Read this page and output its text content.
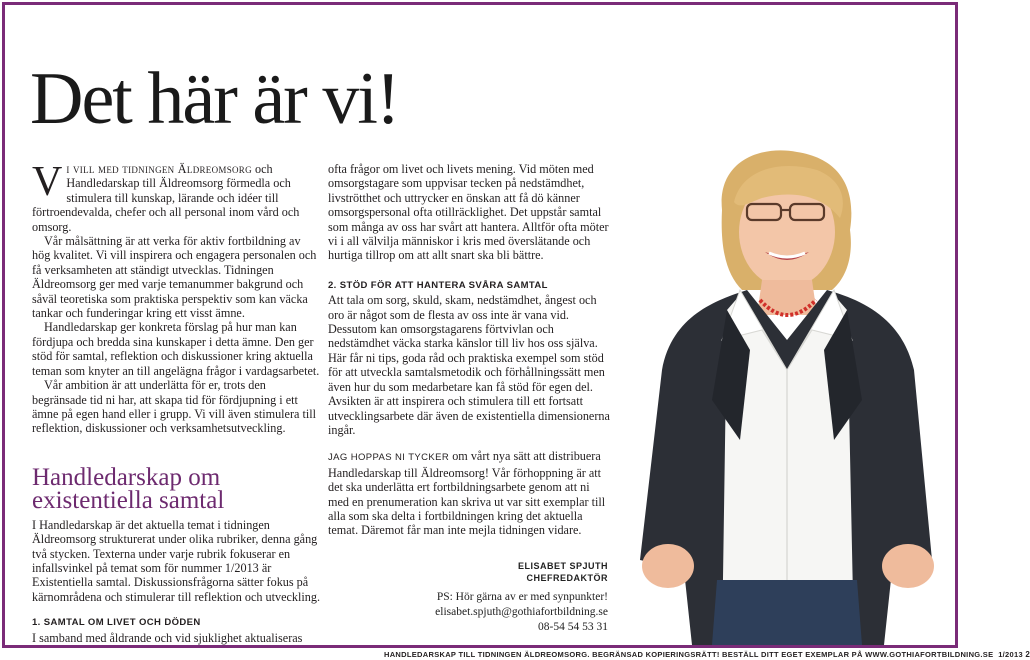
Det här är vi!

V i vill med tidningen Äldreomsorg och Handledarskap till Äldreomsorg förmedla och stimulera till kunskap, lärande och idéer till förtroendevalda, chefer och all personal inom vård och omsorg.

Vår målsättning är att verka för aktiv fortbildning av hög kvalitet. Vi vill inspirera och engagera personalen och få verksamheten att ständigt utvecklas. Tidningen Äldreomsorg ger med varje temanummer bakgrund och såväl teoretiska som praktiska perspektiv som kan väcka tankar och funderingar kring ett visst ämne.

Handledarskap ger konkreta förslag på hur man kan fördjupa och bredda sina kunskaper i detta ämne. Den ger stöd för samtal, reflektion och diskussioner kring aktuella teman som knyter an till angelägna frågor i vardagsarbetet.

Vår ambition är att underlätta för er, trots den begränsade tid ni har, att skapa tid för fördjupning i ett ämne på egen hand eller i grupp. Vi vill även stimulera till reflektion, diskussioner och verksamhetsutveckling.

Handledarskap om existentiella samtal

I Handledarskap är det aktuella temat i tidningen Äldreomsorg strukturerat under olika rubriker, denna gång två stycken. Texterna under varje rubrik fokuserar en infallsvinkel på temat som för nummer 1/2013 är Existentiella samtal. Diskussionsfrågorna sätter fokus på kärnområdena och stimulerar till reflektion och utveckling.

1. SAMTAL OM LIVET OCH DÖDEN

I samband med åldrande och vid sjuklighet aktualiseras

ofta frågor om livet och livets mening. Vid möten med omsorgstagare som uppvisar tecken på nedstämdhet, livströtthet och uttrycker en önskan att få dö känner omsorgspersonal ofta otillräcklighet. Det uppstår samtal som många av oss har svårt att hantera. Alltför ofta möter vi i all välvilja människor i kris med överslätande och hurtiga tillrop om att allt snart ska bli bättre.

2. STÖD FÖR ATT HANTERA SVÅRA SAMTAL

Att tala om sorg, skuld, skam, nedstämdhet, ångest och oro är något som de flesta av oss inte är vana vid. Dessutom kan omsorgstagarens förtvivlan och nedstämdhet väcka starka känslor till liv hos oss själva. Här får ni tips, goda råd och praktiska exempel som stöd för att utveckla samtalsmetodik och förhållningssätt men även hur du som medarbetare kan få stöd för egen del. Avsikten är att inspirera och stimulera till ett fortsatt utvecklingsarbete där även de existentiella dimensionerna ingår.

JAG HOPPAS NI TYCKER om vårt nya sätt att distribuera Handledarskap till Äldreomsorg! Vår förhoppning är att det ska underlätta ert fortbildningsarbete genom att ni med en prenumeration kan skriva ut var sitt exemplar till alla som ska delta i fortbildningen kring det aktuella temat. Däremot får man inte mejla tidningen vidare.

ELISABET SPJUTH
CHEFREDAKTÖR
PS: Hör gärna av er med synpunkter!
elisabet.spjuth@gothiafortbildning.se
08-54 54 53 31
HANDLEDARSKAP TILL TIDNINGEN ÄLDREOMSORG. BEGRÄNSAD KOPIERINGSRÄTT! BESTÄLL DITT EGET EXEMPLAR PÅ WWW.GOTHIAFORTBILDNING.SE 1/2013 2
